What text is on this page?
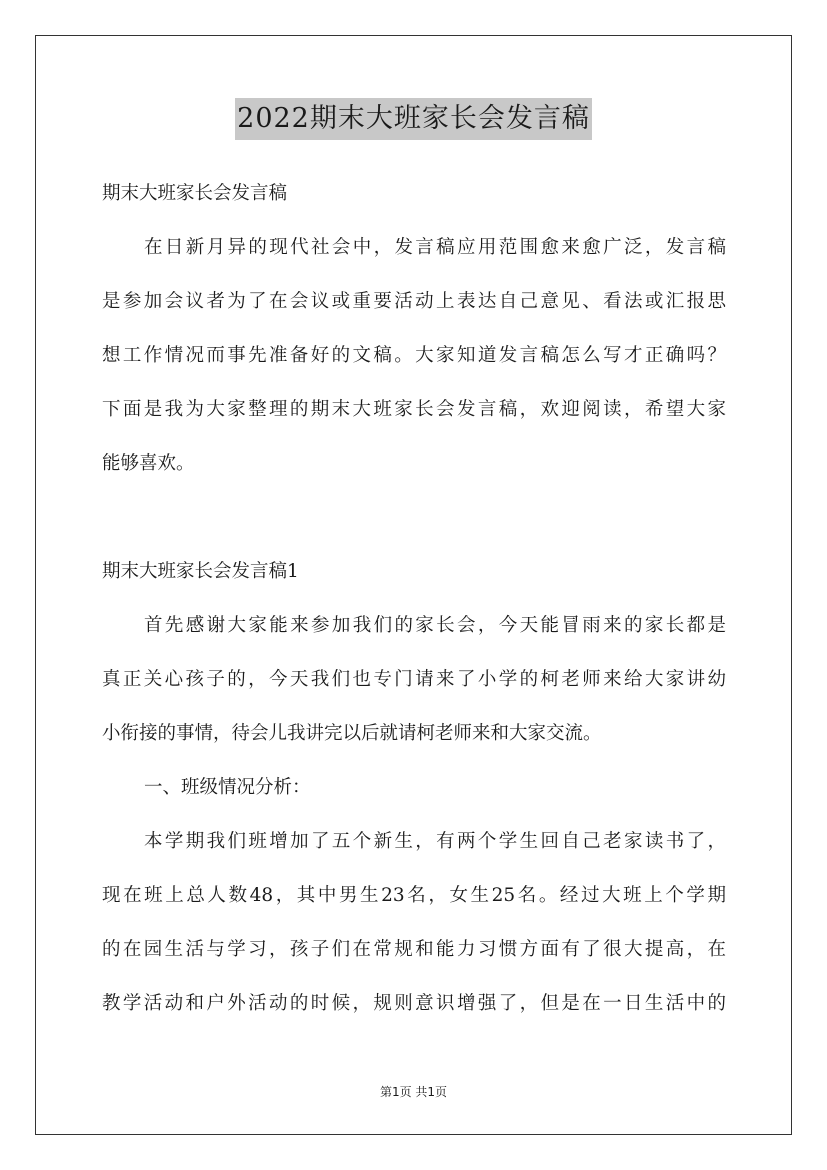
2022期末大班家长会发言稿
期末大班家长会发言稿
在日新月异的现代社会中，发言稿应用范围愈来愈广泛，发言稿
是参加会议者为了在会议或重要活动上表达自己意见、看法或汇报思
想工作情况而事先准备好的文稿。大家知道发言稿怎么写才正确吗？
下面是我为大家整理的期末大班家长会发言稿，欢迎阅读，希望大家
能够喜欢。
期末大班家长会发言稿1
首先感谢大家能来参加我们的家长会，今天能冒雨来的家长都是
真正关心孩子的，今天我们也专门请来了小学的柯老师来给大家讲幼
小衔接的事情，待会儿我讲完以后就请柯老师来和大家交流。
一、班级情况分析：
本学期我们班增加了五个新生，有两个学生回自己老家读书了，
现在班上总人数48，其中男生23名，女生25名。经过大班上个学期
的在园生活与学习，孩子们在常规和能力习惯方面有了很大提高，在
教学活动和户外活动的时候，规则意识增强了，但是在一日生活中的
第1页 共1页
